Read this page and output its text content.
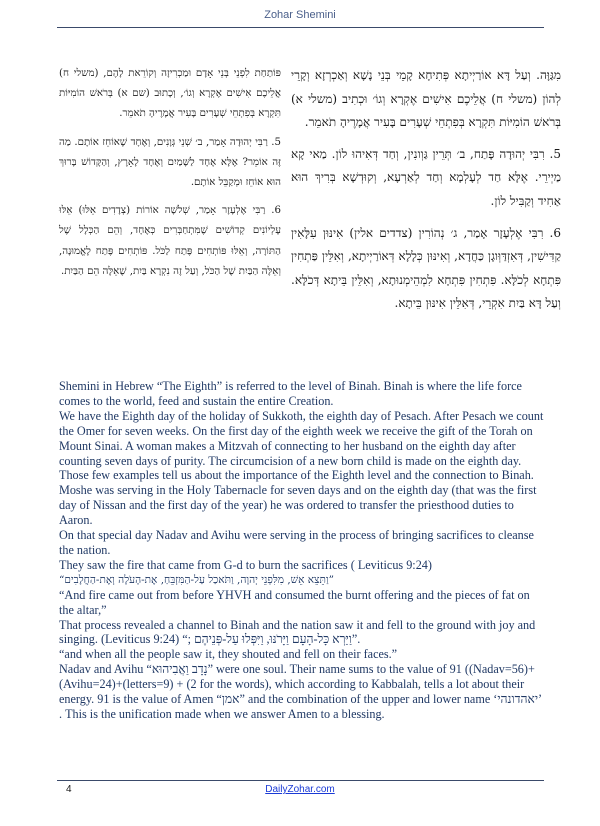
Zohar Shemini

מִגַּוָּה. וְעַל דָּא אוֹרַיְיתָא פְּתִיחָא קָמֵי בְּנֵי נָשָׁא וְאַכְרְזָא וְקָרֵי לְהוֹן (משלי ח) אֲלֵיכֶם אִישִׁים אֶקְרָא וְגוֹ׳ וּכְתִיב (משלי א) בְּרֹאשׁ הוֹמִיּוֹת תִּקְרָא בְּפִתְחֵי שְׁעָרִים בָּעִיר אֲמָרֶיהָ תֹאמֵר.

5. רִבִּי יְהוּדָה פָּתַח, ב׳ תְּרֵין גַּוְונִין, וְחַד דְּאִיהוּ לוֹן. מַאי קָא מַיְירֵי. אֶלָּא חַד לְעָלְמָא וְחַד לְאַרְעָא, וְקוּדְשָׁא בְּרִיךְ הוּא אַחִיד וְקַבִּיל לוֹן.

6. רִבִּי אֶלְעָזָר אָמַר, ג׳ נְהוֹרִין (צדדים אלין) אִינּוּן עִלָּאִין קַדִּישִׁין, דְּאִזְדַּוְּוגָן כַּחֲדָא, וְאִינּוּן כְּלָלָא דְּאוֹרַיְיתָא, וְאִלֵּין פַּתְחִין פִּתְחָא לְכֹלָּא. פִּתְחִין פִּתְחָא לִמְהֵימְנוּתָא, וְאִלֵּין בֵּיתָא דְּכֹלָּא. וְעַל דָּא בַּיִת אִקְרֵי, דְּאִלֵּין אִינּוּן בֵּיתָא.

פּוֹתַחַת לִפְנֵי בְּנֵי אָדָם וּמַכְרִיזָה וְקוֹרֵאת לָהֶם, (משלי ח) אֲלֵיכֶם אִישִׁים אֶקְרָא וְגוֹ׳, וְכָתוּב (שם א) בְּרֹאשׁ הוֹמִיּוֹת תִּקְרָא בְּפִתְחֵי שְׁעָרִים בָּעִיר אֲמָרֶיהָ תֹאמֵר.

5. רַבִּי יְהוּדָה אָמַר, ב׳ שְׁנֵי גְּוָנִים, וְאֶחָד שֶׁאוֹחֵז אוֹתָם. מַה זֶּה אוֹמֵר? אֶלָּא אֶחָד לַשָּׁמַיִם וְאֶחָד לָאָרֶץ, וְהַקָּדוֹשׁ בָּרוּךְ הוּא אוֹחֵז וּמְקַבֵּל אוֹתָם.

6. רַבִּי אֶלְעָזָר אָמַר, שְׁלֹשָׁה אוֹרוֹת (צְדָדִים אֵלּוּ) אֵלּוּ עֶלְיוֹנִים קְדוֹשִׁים שֶׁמִּתְחַבְּרִים כְּאֶחָד, וְהֵם הַכְּלָל שֶׁל הַתּוֹרָה, וְאֵלּוּ פּוֹתְחִים פֶּתַח לַכֹּל. פּוֹתְחִים פֶּתַח לֶאֱמוּנָה, וְאֵלֶּה הַבַּיִת שֶׁל הַכֹּל, וְעַל זֶה נִקְרָא בַּיִת, שֶׁאֵלֶּה הֵם הַבַּיִת.

Shemini in Hebrew “The Eighth” is referred to the level of Binah. Binah is where the life force comes to the world, feed and sustain the entire Creation.

We have the Eighth day of the holiday of Sukkoth, the eighth day of Pesach. After Pesach we count the Omer for seven weeks. On the first day of the eighth week we receive the gift of the Torah on Mount Sinai. A woman makes a Mitzvah of connecting to her husband on the eighth day after counting seven days of purity. The circumcision of a new born child is made on the eighth day.

Those few examples tell us about the importance of the Eighth level and the connection to Binah.

Moshe was serving in the Holy Tabernacle for seven days and on the eighth day (that was the first day of Nissan and the first day of the year) he was ordered to transfer the priesthood duties to Aaron.

On that special day Nadav and Avihu were serving in the process of bringing sacrifices to cleanse the nation.

They saw the fire that came from G-d to burn the sacrifices ( Leviticus 9:24)

”וַתֵּצֵא אֵשׁ, מִלִּפְנֵי יְהוָה, וַתֹּאכַל עַל-הַמִּזְבֵּחַ, אֶת-הָעֹלָה וְאֶת-הַחֲלָבִים“

“And fire came out from before YHVH and consumed the burnt offering and the pieces of fat on the altar,”

That process revealed a channel to Binah and the nation saw it and fell to the ground with joy and singing. (Leviticus 9:24) “; וַיַּרְא כָּל-הָעָם וַיָּרֹנּוּ, וַיִּפְּלוּ עַל-פְּנֵיהֶם”.

“and when all the people saw it, they shouted and fell on their faces.”

Nadav and Avihu “נָדָב וַאֲבִיהוּא” were one soul. Their name sums to the value of 91 ((Nadav=56)+ (Avihu=24)+(letters=9) + (2 for the words), which according to Kabbalah, tells a lot about their energy. 91 is the value of Amen “אמן” and the combination of the upper and lower name ‘יאהדונהי’ . This is the unification made when we answer Amen to a blessing.

4	DailyZohar.com
